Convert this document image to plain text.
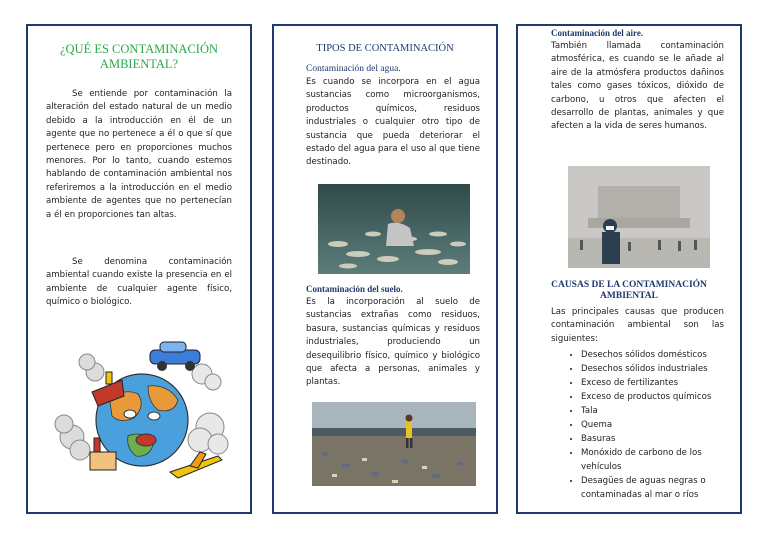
¿QUÉ ES CONTAMINACIÓN
AMBIENTAL?
Se entiende por contaminación la alteración del estado natural de un medio debido a la introducción en él de un agente que no pertenece a él o que sí que pertenece pero en proporciones muchos menores. Por lo tanto, cuando estemos hablando de contaminación ambiental nos referiremos a la introducción en el medio ambiente de agentes que no pertenecían a él en proporciones tan altas.
Se denomina contaminación ambiental cuando existe la presencia en el ambiente de cualquier agente físico, químico o biológico.
TIPOS DE CONTAMINACIÓN
Contaminación del agua.
Es cuando se incorpora en el agua sustancias como microorganismos, productos químicos, residuos industriales o cualquier otro tipo de sustancia que pueda deteriorar el estado del agua para el uso al que tiene destinado.
Contaminación del suelo.
Es la incorporación al suelo de sustancias extrañas como residuos, basura, sustancias químicas y residuos industriales, produciendo un desequilibrio físico, químico y biológico que afecta a personas, animales y plantas.
Contaminación del aire.
También llamada contaminación atmosférica, es cuando se le añade al aire de la atmósfera productos dañinos tales como gases tóxicos, dióxido de carbono, u otros que afecten el desarrollo de plantas, animales y que afecten a la vida de seres humanos.
CAUSAS DE LA CONTAMINACIÓN
AMBIENTAL
Las principales causas que producen contaminación ambiental son las siguientes:
• Desechos sólidos domésticos
• Desechos sólidos industriales
• Exceso de fertilizantes
• Exceso de productos químicos
• Tala
• Quema
• Basuras
• Monóxido de carbono de los vehículos
• Desagües de aguas negras o contaminadas al mar o ríos
